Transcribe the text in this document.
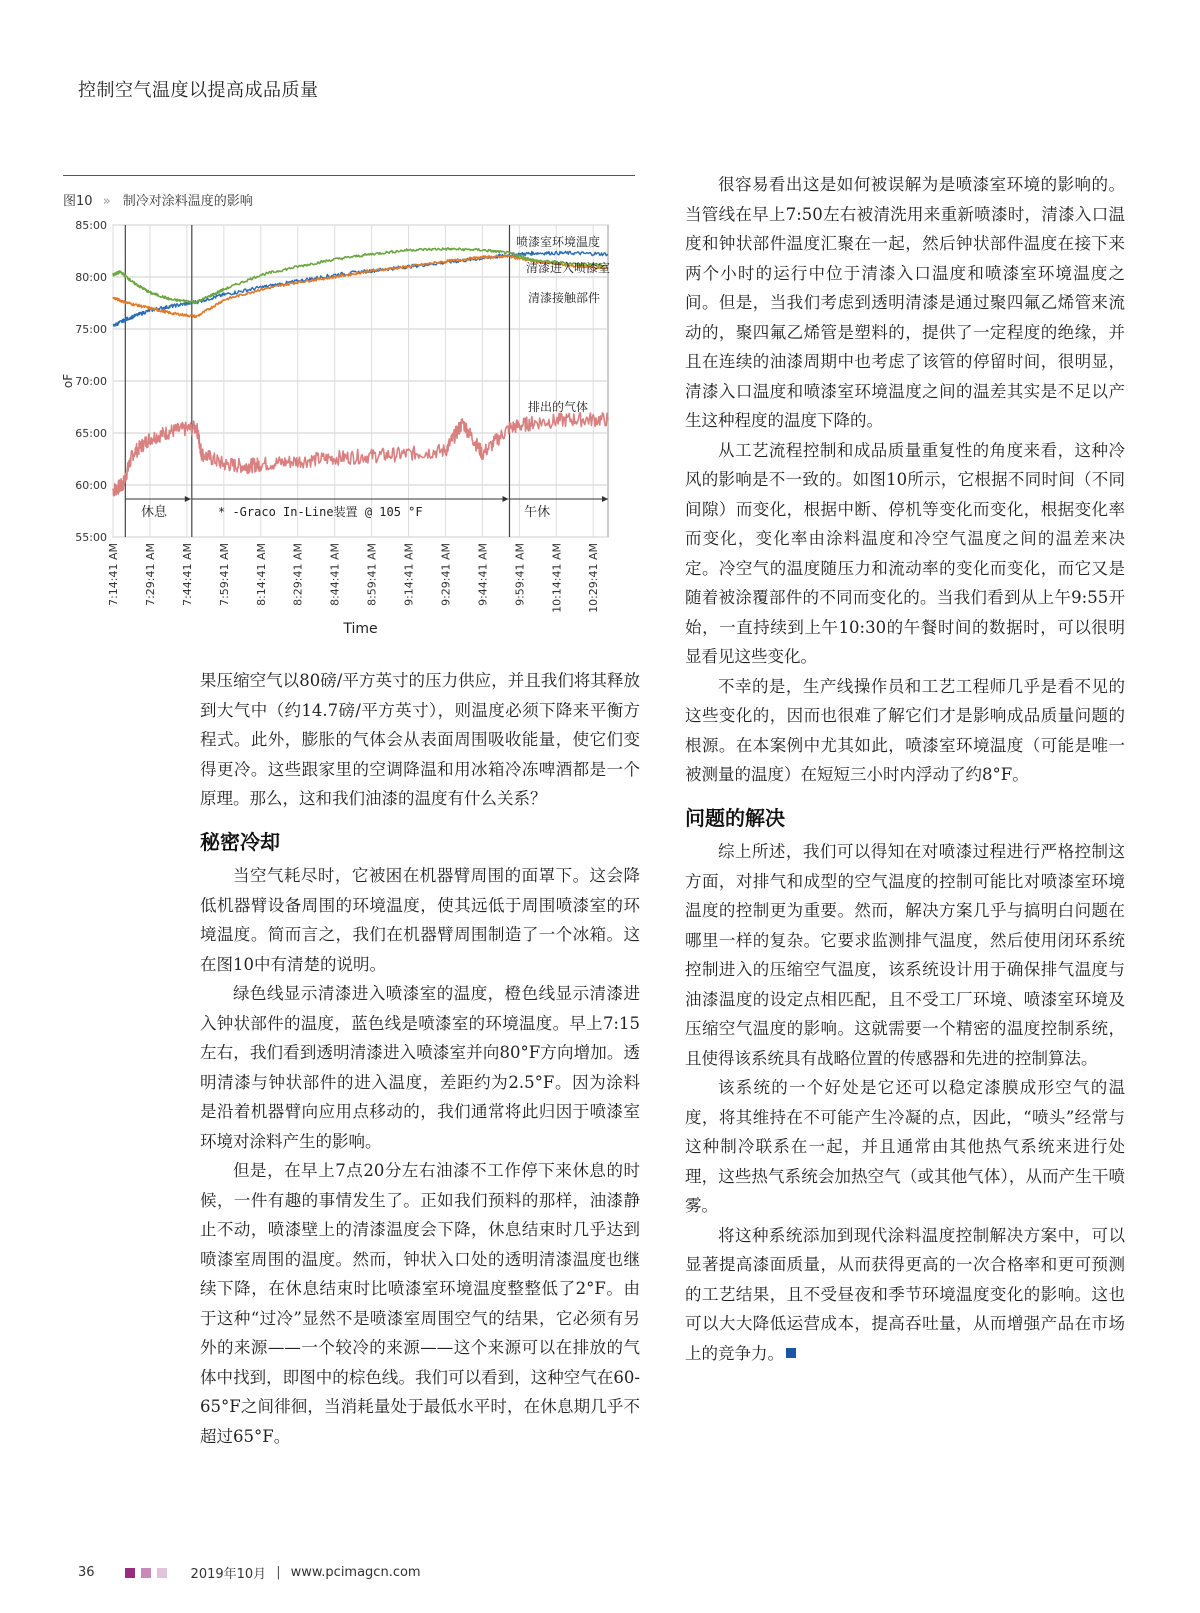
控制空气温度以提高成品质量
图10 » 制冷对涂料温度的影响
55:00
60:00
65:00
70:00
75:00
80:00
85:00
oF
7:14:41 AM 7:29:41 AM 7:44:41 AM 7:59:41 AM 8:14:41 AM 8:29:41 AM 8:44:41 AM 8:59:41 AM 9:14:41 AM 9:29:41 AM 9:44:41 AM 9:59:41 AM 10:14:41 AM 10:29:41 AM
Time
喷漆室环境温度
清漆进入喷漆室
清漆接触部件
排出的气体
休息	* -Graco In-Line装置 @ 105 °F	午休

果压缩空气以80磅/平方英寸的压力供应，并且我们将其释放到大气中（约14.7磅/平方英寸），则温度必须下降来平衡方程式。此外，膨胀的气体会从表面周围吸收能量，使它们变得更冷。这些跟家里的空调降温和用冰箱冷冻啤酒都是一个原理。那么，这和我们油漆的温度有什么关系？

秘密冷却

当空气耗尽时，它被困在机器臂周围的面罩下。这会降低机器臂设备周围的环境温度，使其远低于周围喷漆室的环境温度。简而言之，我们在机器臂周围制造了一个冰箱。这在图10中有清楚的说明。

绿色线显示清漆进入喷漆室的温度，橙色线显示清漆进入钟状部件的温度，蓝色线是喷漆室的环境温度。早上7:15左右，我们看到透明清漆进入喷漆室并向80°F方向增加。透明清漆与钟状部件的进入温度，差距约为2.5°F。因为涂料是沿着机器臂向应用点移动的，我们通常将此归因于喷漆室环境对涂料产生的影响。

但是，在早上7点20分左右油漆不工作停下来休息的时候，一件有趣的事情发生了。正如我们预料的那样，油漆静止不动，喷漆壁上的清漆温度会下降，休息结束时几乎达到喷漆室周围的温度。然而，钟状入口处的透明清漆温度也继续下降，在休息结束时比喷漆室环境温度整整低了2°F。由于这种“过冷”显然不是喷漆室周围空气的结果，它必须有另外的来源——一个较冷的来源——这个来源可以在排放的气体中找到，即图中的棕色线。我们可以看到，这种空气在60-65°F之间徘徊，当消耗量处于最低水平时，在休息期几乎不超过65°F。

很容易看出这是如何被误解为是喷漆室环境的影响的。当管线在早上7:50左右被清洗用来重新喷漆时，清漆入口温度和钟状部件温度汇聚在一起，然后钟状部件温度在接下来两个小时的运行中位于清漆入口温度和喷漆室环境温度之间。但是，当我们考虑到透明清漆是通过聚四氟乙烯管来流动的，聚四氟乙烯管是塑料的，提供了一定程度的绝缘，并且在连续的油漆周期中也考虑了该管的停留时间，很明显，清漆入口温度和喷漆室环境温度之间的温差其实是不足以产生这种程度的温度下降的。

从工艺流程控制和成品质量重复性的角度来看，这种冷风的影响是不一致的。如图10所示，它根据不同时间（不同间隙）而变化，根据中断、停机等变化而变化，根据变化率而变化，变化率由涂料温度和冷空气温度之间的温差来决定。冷空气的温度随压力和流动率的变化而变化，而它又是随着被涂覆部件的不同而变化的。当我们看到从上午9:55开始，一直持续到上午10:30的午餐时间的数据时，可以很明显看见这些变化。

不幸的是，生产线操作员和工艺工程师几乎是看不见的这些变化的，因而也很难了解它们才是影响成品质量问题的根源。在本案例中尤其如此，喷漆室环境温度（可能是唯一被测量的温度）在短短三小时内浮动了约8°F。

问题的解决

综上所述，我们可以得知在对喷漆过程进行严格控制这方面，对排气和成型的空气温度的控制可能比对喷漆室环境温度的控制更为重要。然而，解决方案几乎与搞明白问题在哪里一样的复杂。它要求监测排气温度，然后使用闭环系统控制进入的压缩空气温度，该系统设计用于确保排气温度与油漆温度的设定点相匹配，且不受工厂环境、喷漆室环境及压缩空气温度的影响。这就需要一个精密的温度控制系统，且使得该系统具有战略位置的传感器和先进的控制算法。

该系统的一个好处是它还可以稳定漆膜成形空气的温度，将其维持在不可能产生冷凝的点，因此，“喷头”经常与这种制冷联系在一起，并且通常由其他热气系统来进行处理，这些热气系统会加热空气（或其他气体），从而产生干喷雾。

将这种系统添加到现代涂料温度控制解决方案中，可以显著提高漆面质量，从而获得更高的一次合格率和更可预测的工艺结果，且不受昼夜和季节环境温度变化的影响。这也可以大大降低运营成本，提高吞吐量，从而增强产品在市场上的竞争力。

36	2019年10月 | www.pcimagcn.com
